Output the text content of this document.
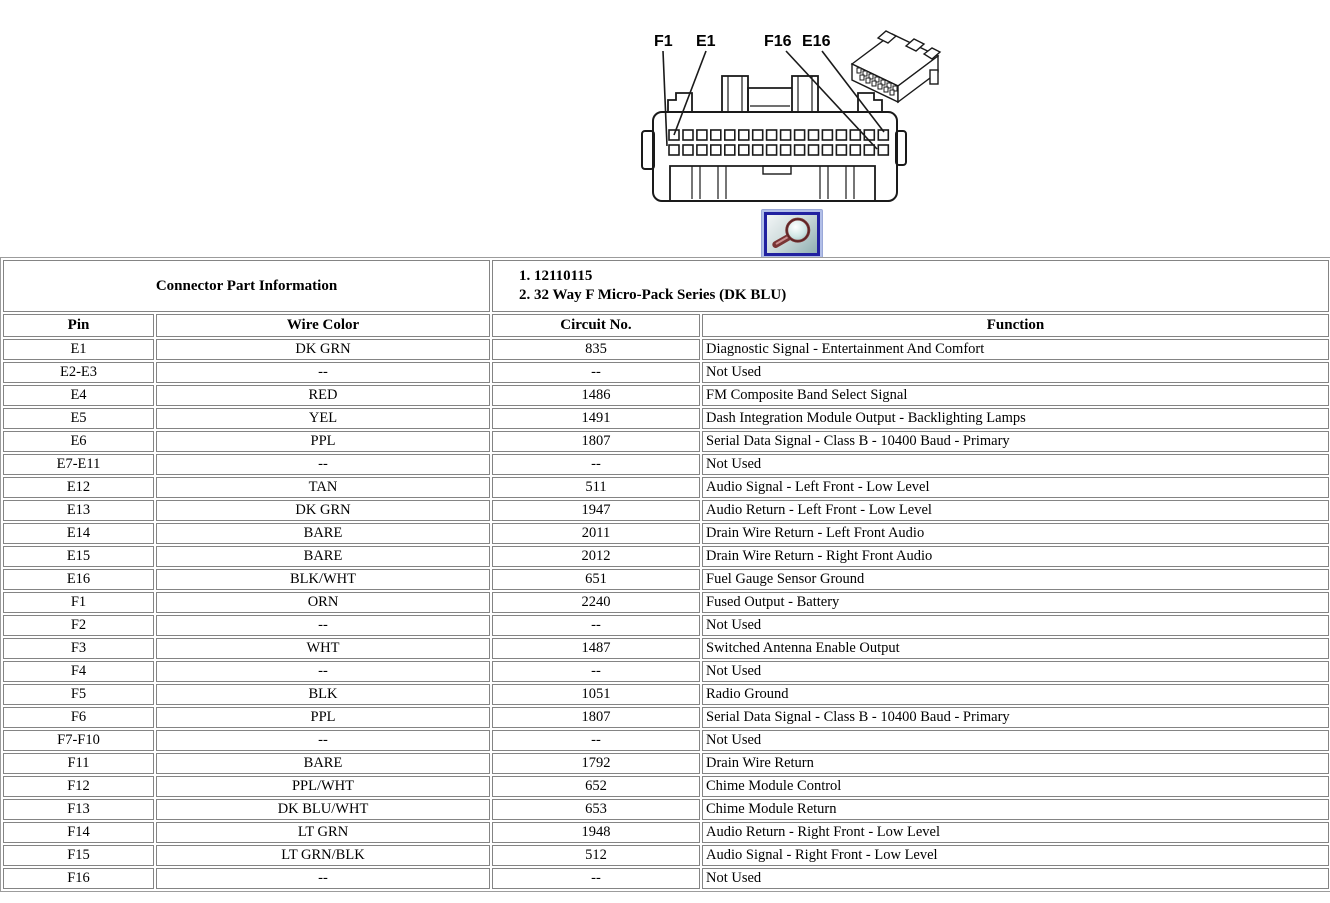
F1 E1	F16 E16
Connector Part Information	
1. 12110115
2. 32 Way F Micro-Pack Series (DK BLU)

Pin	Wire Color	Circuit No.	Function
E1	DK GRN	835	Diagnostic Signal - Entertainment And Comfort
E2-E3	--	--	Not Used
E4	RED	1486	FM Composite Band Select Signal
E5	YEL	1491	Dash Integration Module Output - Backlighting Lamps
E6	PPL	1807	Serial Data Signal - Class B - 10400 Baud - Primary
E7-E11	--	--	Not Used
E12	TAN	511	Audio Signal - Left Front - Low Level
E13	DK GRN	1947	Audio Return - Left Front - Low Level
E14	BARE	2011	Drain Wire Return - Left Front Audio
E15	BARE	2012	Drain Wire Return - Right Front Audio
E16	BLK/WHT	651	Fuel Gauge Sensor Ground
F1	ORN	2240	Fused Output - Battery
F2	--	--	Not Used
F3	WHT	1487	Switched Antenna Enable Output
F4	--	--	Not Used
F5	BLK	1051	Radio Ground
F6	PPL	1807	Serial Data Signal - Class B - 10400 Baud - Primary
F7-F10	--	--	Not Used
F11	BARE	1792	Drain Wire Return
F12	PPL/WHT	652	Chime Module Control
F13	DK BLU/WHT	653	Chime Module Return
F14	LT GRN	1948	Audio Return - Right Front - Low Level
F15	LT GRN/BLK	512	Audio Signal - Right Front - Low Level
F16	--	--	Not Used
